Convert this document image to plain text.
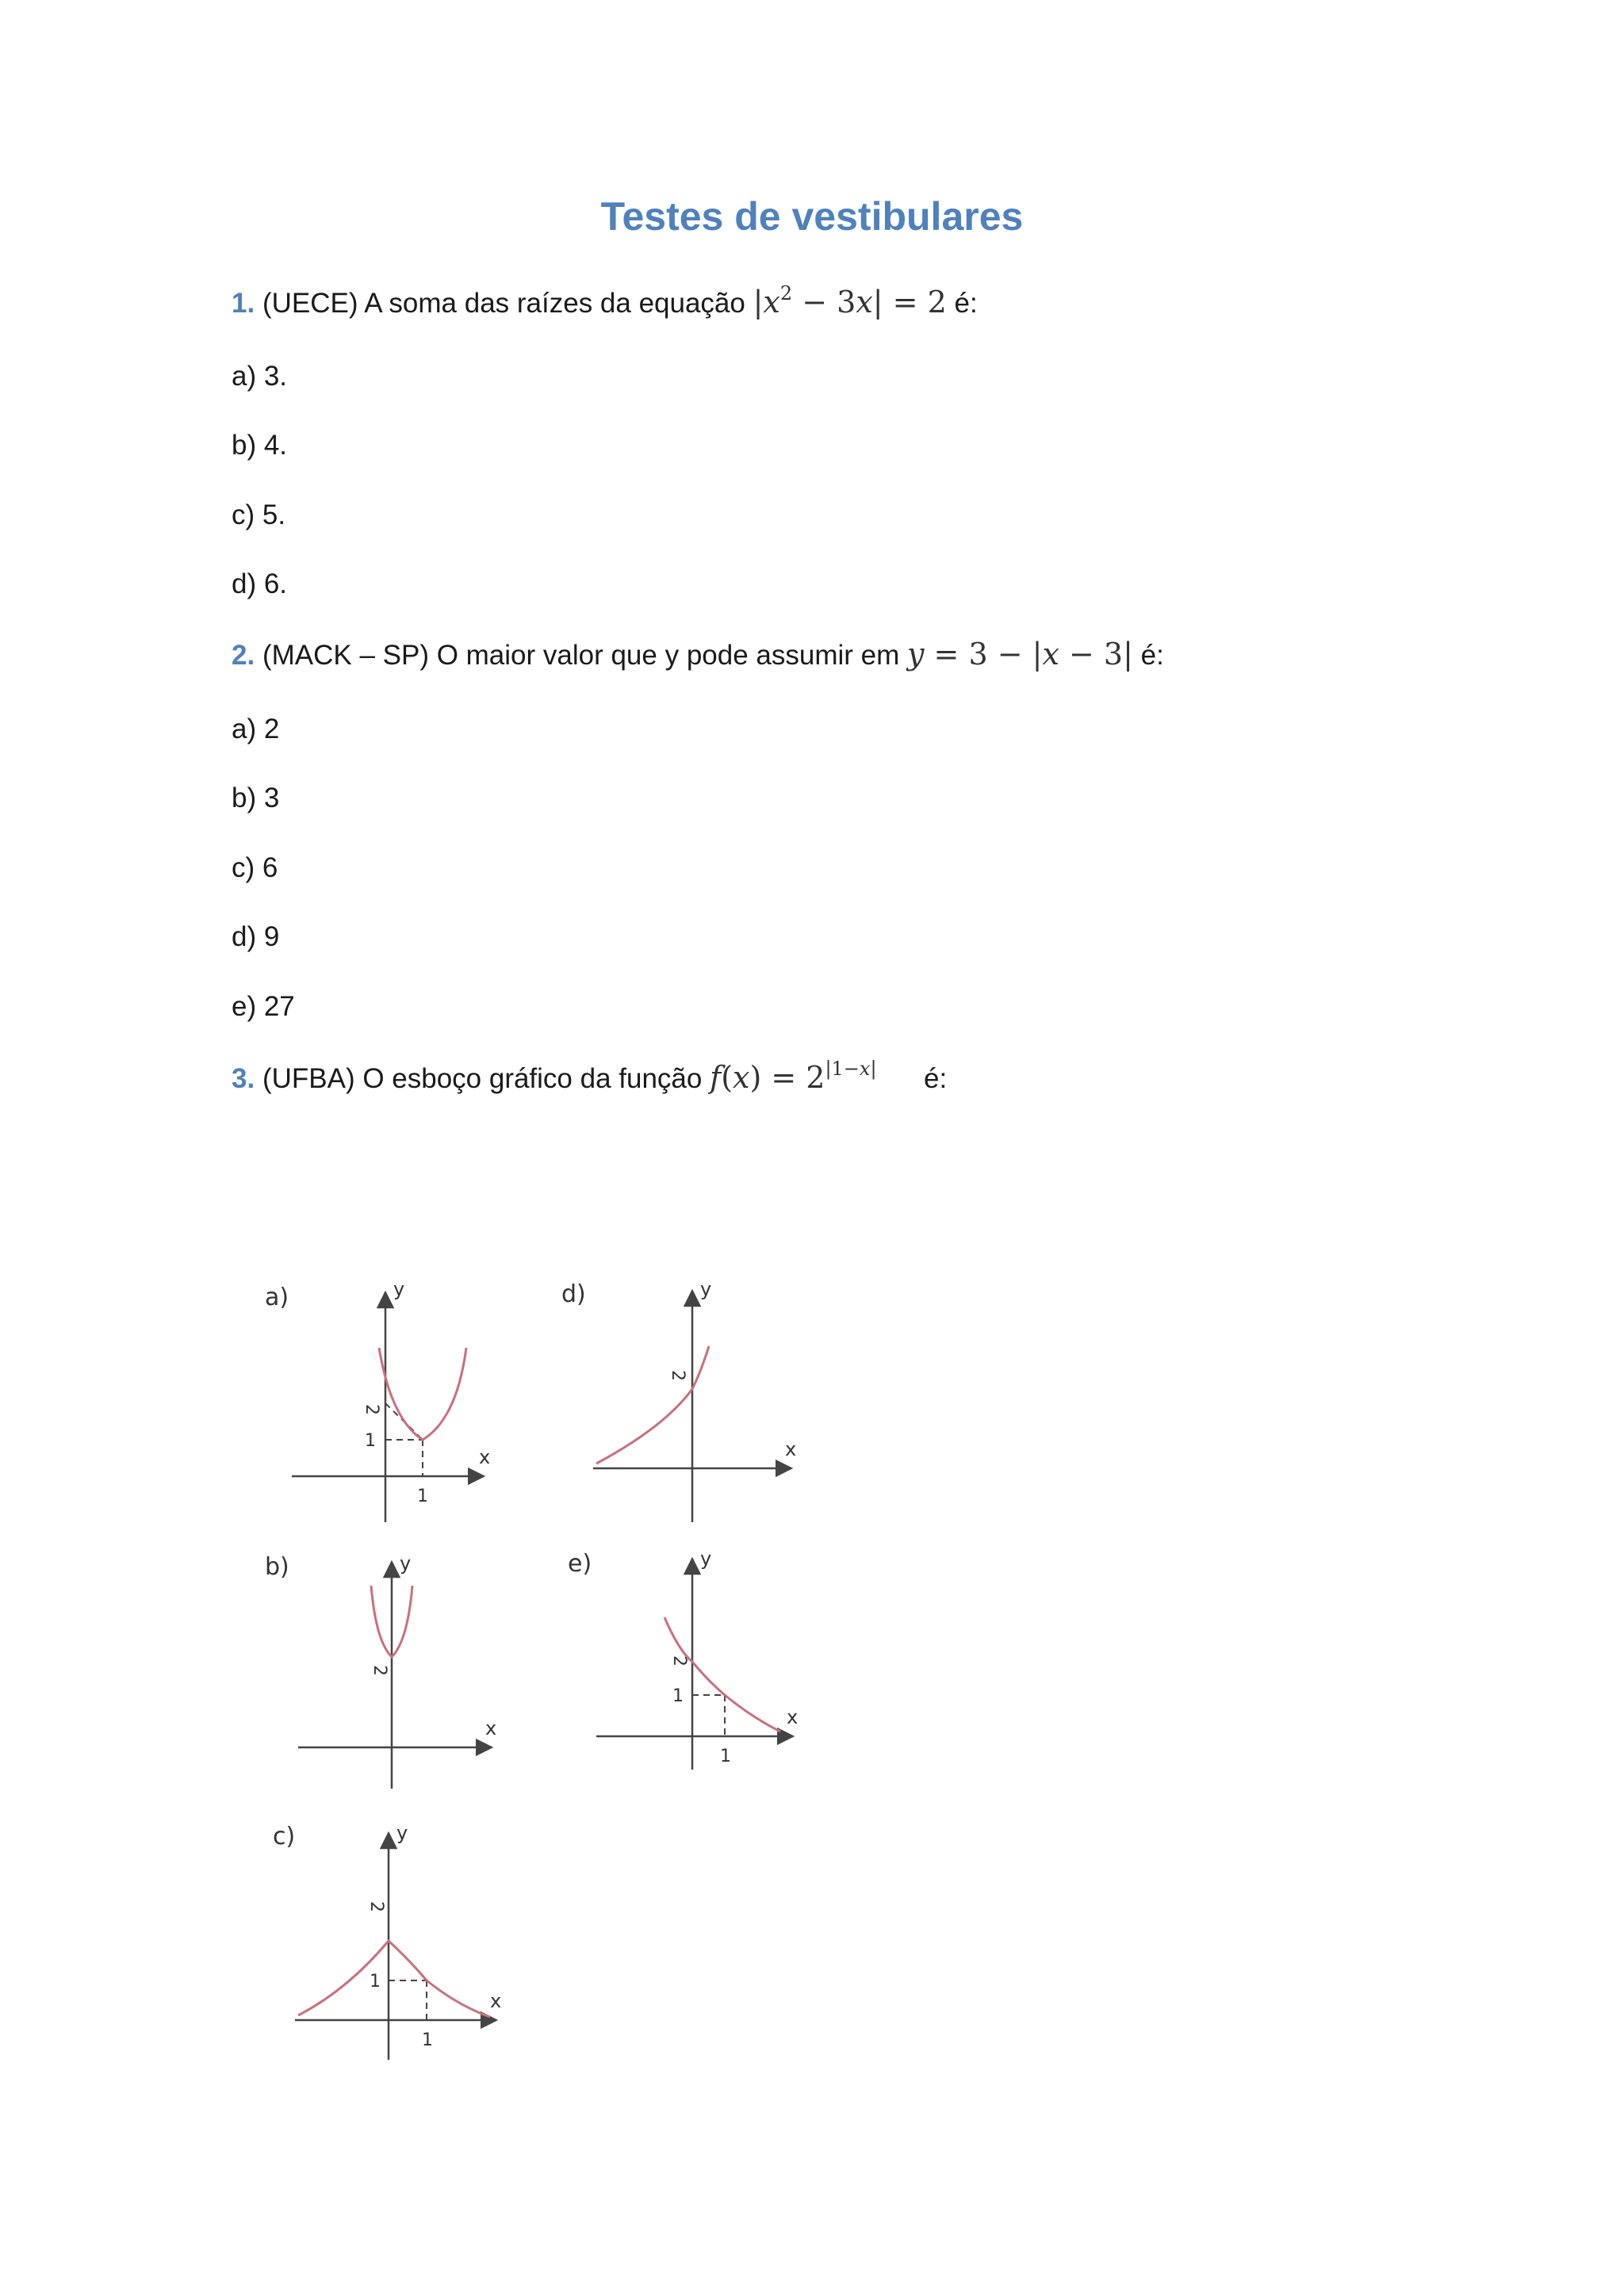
Testes de vestibulares
1. (UECE) A soma das raízes da equação $|x^2 - 3x| = 2$ é:
a) 3.
b) 4.
c) 5.
d) 6.
2. (MACK – SP) O maior valor que y pode assumir em y = 3 − |x − 3| é:
a) 2
b) 3
c) 6
d) 9
e) 27
3. (UFBA) O esboço gráfico da função $f(x) = 2^{|1-x|}$ é:
a)	y
x
2
1
1
d)	y
x
2
b)	y
x
2
e)	y
x
2
1
1
c)	y
x
2
1
1
